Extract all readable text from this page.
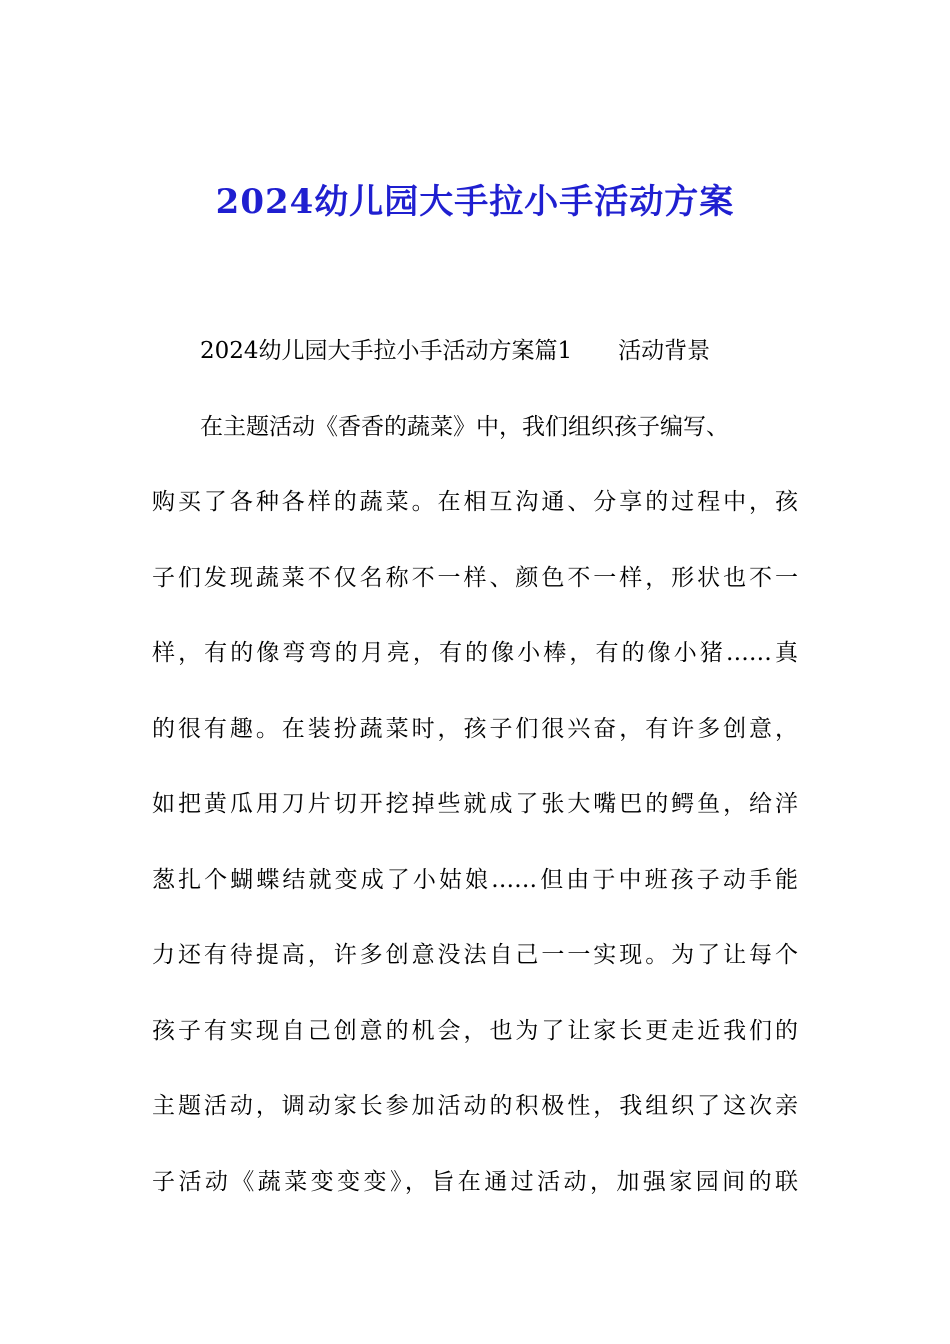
2024幼儿园大手拉小手活动方案
2024幼儿园大手拉小手活动方案篇1 活动背景
在主题活动《香香的蔬菜》中，我们组织孩子编写、
购买了各种各样的蔬菜。在相互沟通、分享的过程中，孩
子们发现蔬菜不仅名称不一样、颜色不一样，形状也不一
样，有的像弯弯的月亮，有的像小棒，有的像小猪……真
的很有趣。在装扮蔬菜时，孩子们很兴奋，有许多创意，
如把黄瓜用刀片切开挖掉些就成了张大嘴巴的鳄鱼，给洋
葱扎个蝴蝶结就变成了小姑娘……但由于中班孩子动手能
力还有待提高，许多创意没法自己一一实现。为了让每个
孩子有实现自己创意的机会，也为了让家长更走近我们的
主题活动，调动家长参加活动的积极性，我组织了这次亲
子活动《蔬菜变变变》，旨在通过活动，加强家园间的联
